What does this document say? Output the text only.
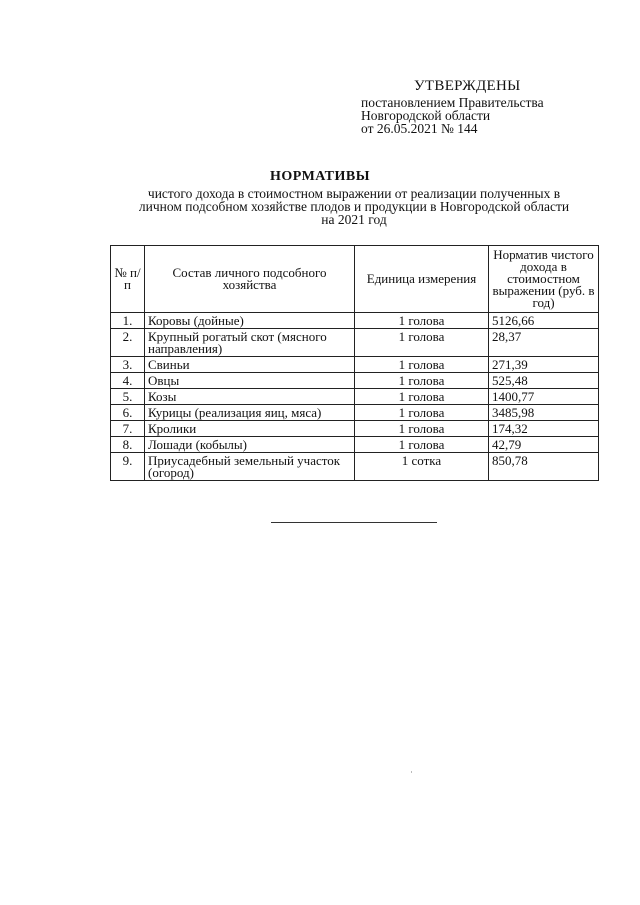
УТВЕРЖДЕНЫ
постановлением Правительства
Новгородской области
от 26.05.2021 № 144
НОРМАТИВЫ
чистого дохода в стоимостном выражении от реализации полученных в
личном подсобном хозяйстве плодов и продукции в Новгородской области
на 2021 год
№ п/п	Состав личного подсобного хозяйства	Единица измерения	Норматив чистого дохода в стоимостном выражении (руб. в год)
1.	Коровы (дойные)	1 голова	5126,66
2.	Крупный рогатый скот (мясного направления)	1 голова	28,37
3.	Свиньи	1 голова	271,39
4.	Овцы	1 голова	525,48
5.	Козы	1 голова	1400,77
6.	Курицы (реализация яиц, мяса)	1 голова	3485,98
7.	Кролики	1 голова	174,32
8.	Лошади (кобылы)	1 голова	42,79
9.	Приусадебный земельный участок (огород)	1 сотка	850,78
